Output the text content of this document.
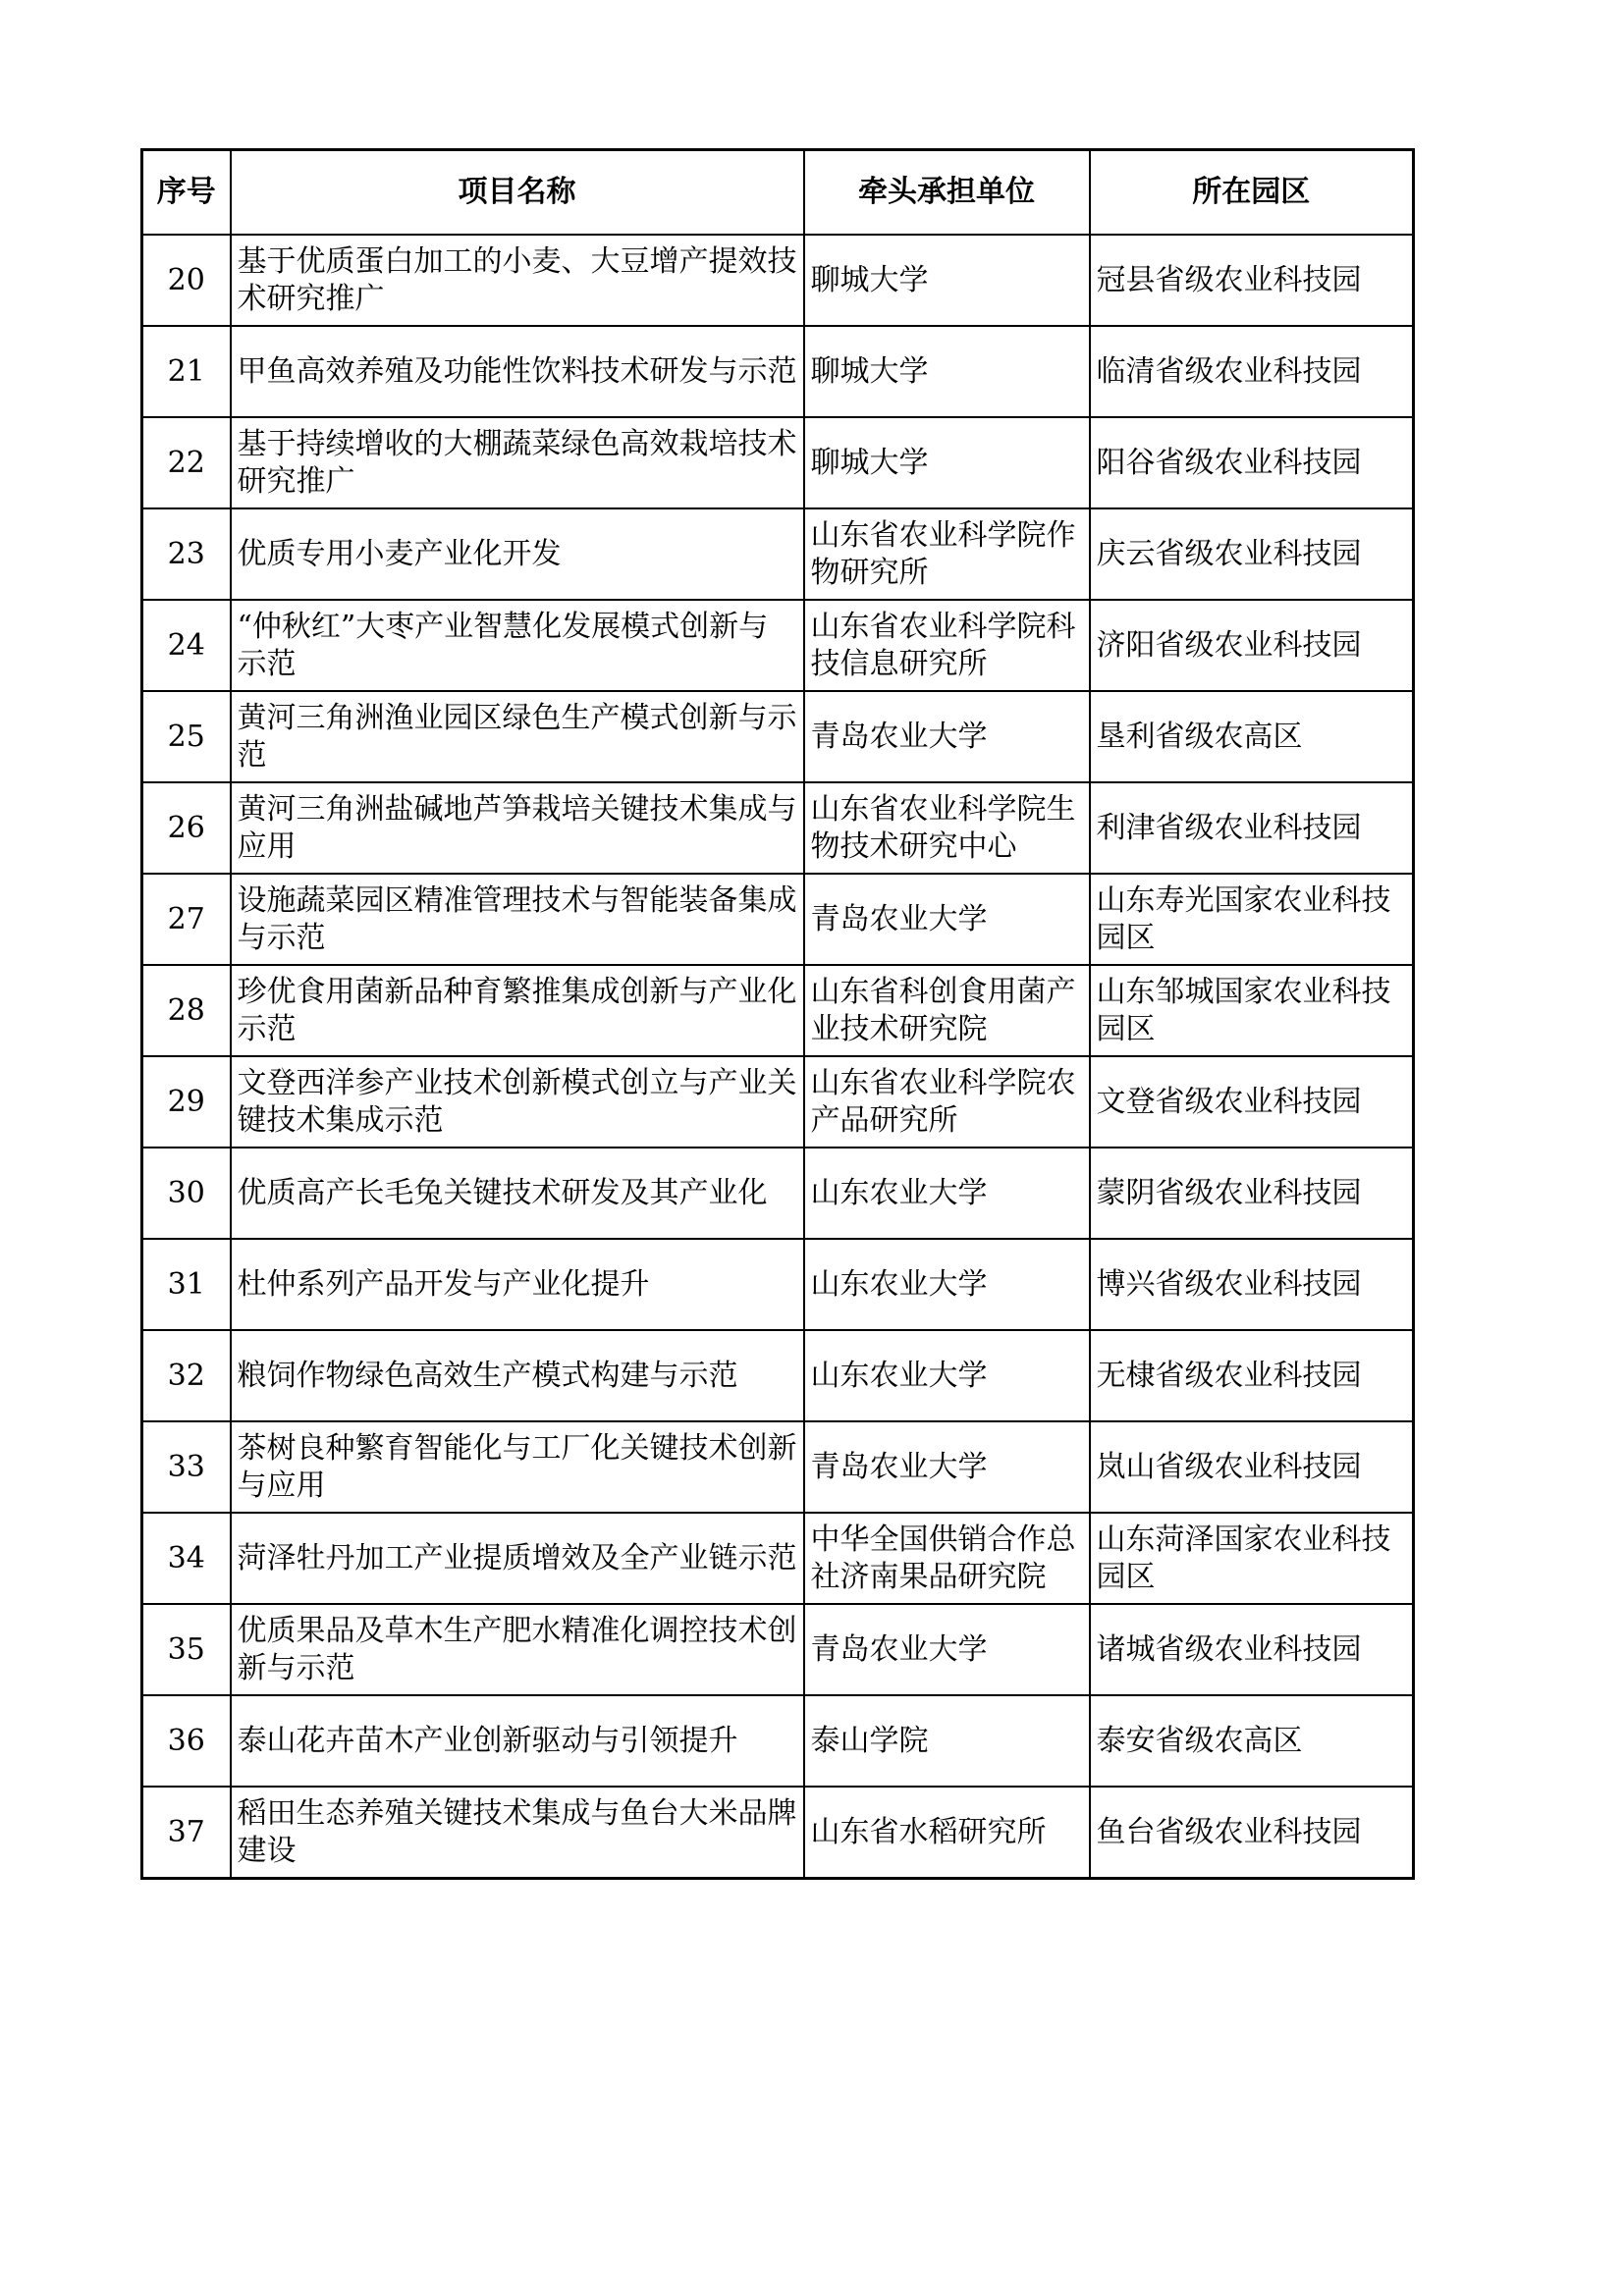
序号	项目名称	牵头承担单位	所在园区
20	基于优质蛋白加工的小麦、大豆增产提效技术研究推广	聊城大学	冠县省级农业科技园
21	甲鱼高效养殖及功能性饮料技术研发与示范	聊城大学	临清省级农业科技园
22	基于持续增收的大棚蔬菜绿色高效栽培技术研究推广	聊城大学	阳谷省级农业科技园
23	优质专用小麦产业化开发	山东省农业科学院作物研究所	庆云省级农业科技园
24	“仲秋红”大枣产业智慧化发展模式创新与示范	山东省农业科学院科技信息研究所	济阳省级农业科技园
25	黄河三角洲渔业园区绿色生产模式创新与示范	青岛农业大学	垦利省级农高区
26	黄河三角洲盐碱地芦笋栽培关键技术集成与应用	山东省农业科学院生物技术研究中心	利津省级农业科技园
27	设施蔬菜园区精准管理技术与智能装备集成与示范	青岛农业大学	山东寿光国家农业科技园区
28	珍优食用菌新品种育繁推集成创新与产业化示范	山东省科创食用菌产业技术研究院	山东邹城国家农业科技园区
29	文登西洋参产业技术创新模式创立与产业关键技术集成示范	山东省农业科学院农产品研究所	文登省级农业科技园
30	优质高产长毛兔关键技术研发及其产业化	山东农业大学	蒙阴省级农业科技园
31	杜仲系列产品开发与产业化提升	山东农业大学	博兴省级农业科技园
32	粮饲作物绿色高效生产模式构建与示范	山东农业大学	无棣省级农业科技园
33	茶树良种繁育智能化与工厂化关键技术创新与应用	青岛农业大学	岚山省级农业科技园
34	菏泽牡丹加工产业提质增效及全产业链示范	中华全国供销合作总社济南果品研究院	山东菏泽国家农业科技园区
35	优质果品及草木生产肥水精准化调控技术创新与示范	青岛农业大学	诸城省级农业科技园
36	泰山花卉苗木产业创新驱动与引领提升	泰山学院	泰安省级农高区
37	稻田生态养殖关键技术集成与鱼台大米品牌建设	山东省水稻研究所	鱼台省级农业科技园
